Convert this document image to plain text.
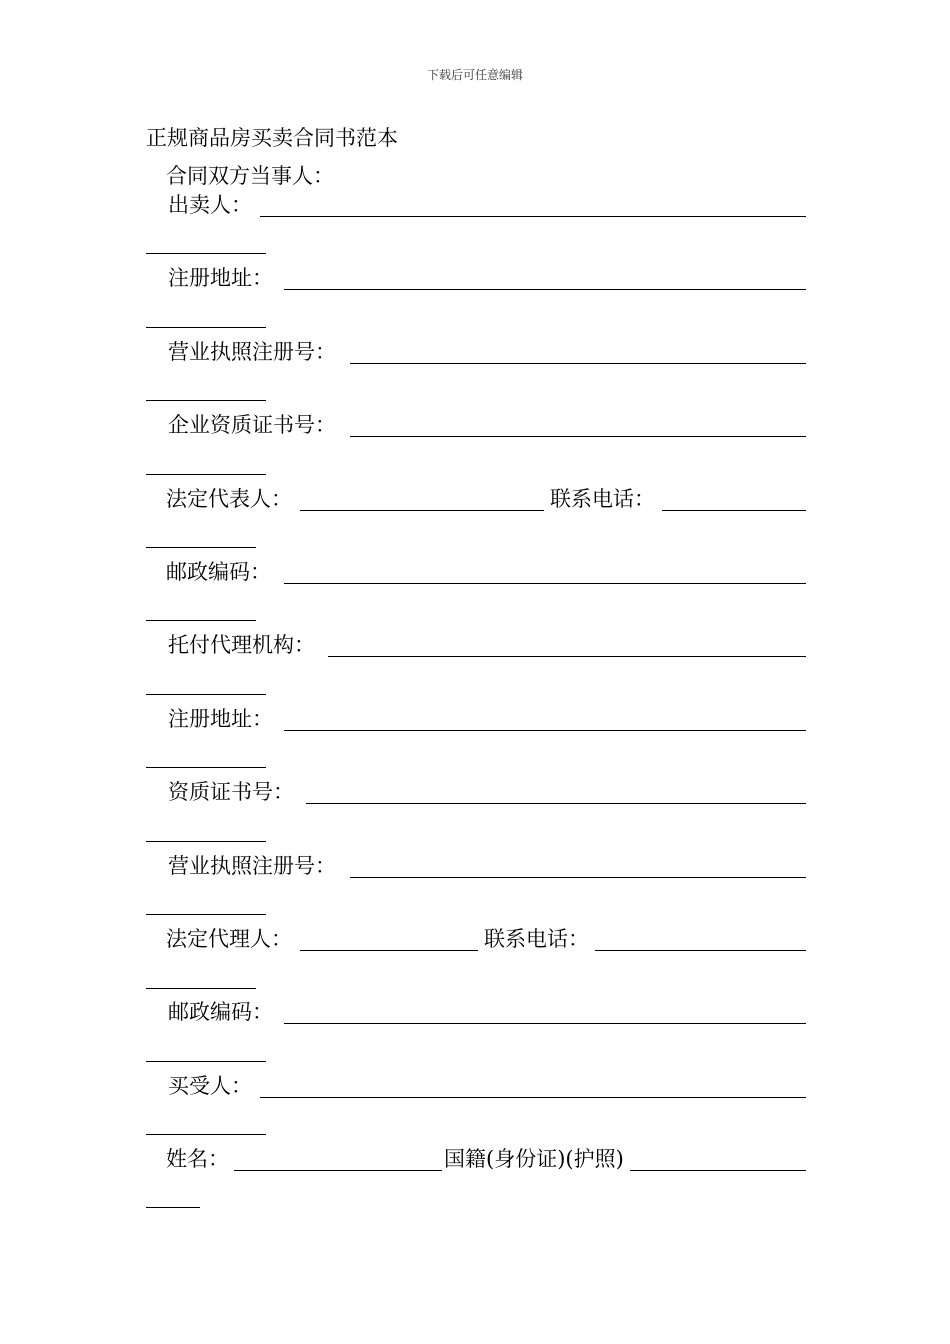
下载后可任意编辑
正规商品房买卖合同书范本
合同双方当事人：
出卖人：
注册地址：
营业执照注册号：
企业资质证书号：
法定代表人：	联系电话：
邮政编码：
托付代理机构：
注册地址：
资质证书号：
营业执照注册号：
法定代理人：	联系电话：
邮政编码：
买受人：
姓名：	国籍(身份证)(护照)
